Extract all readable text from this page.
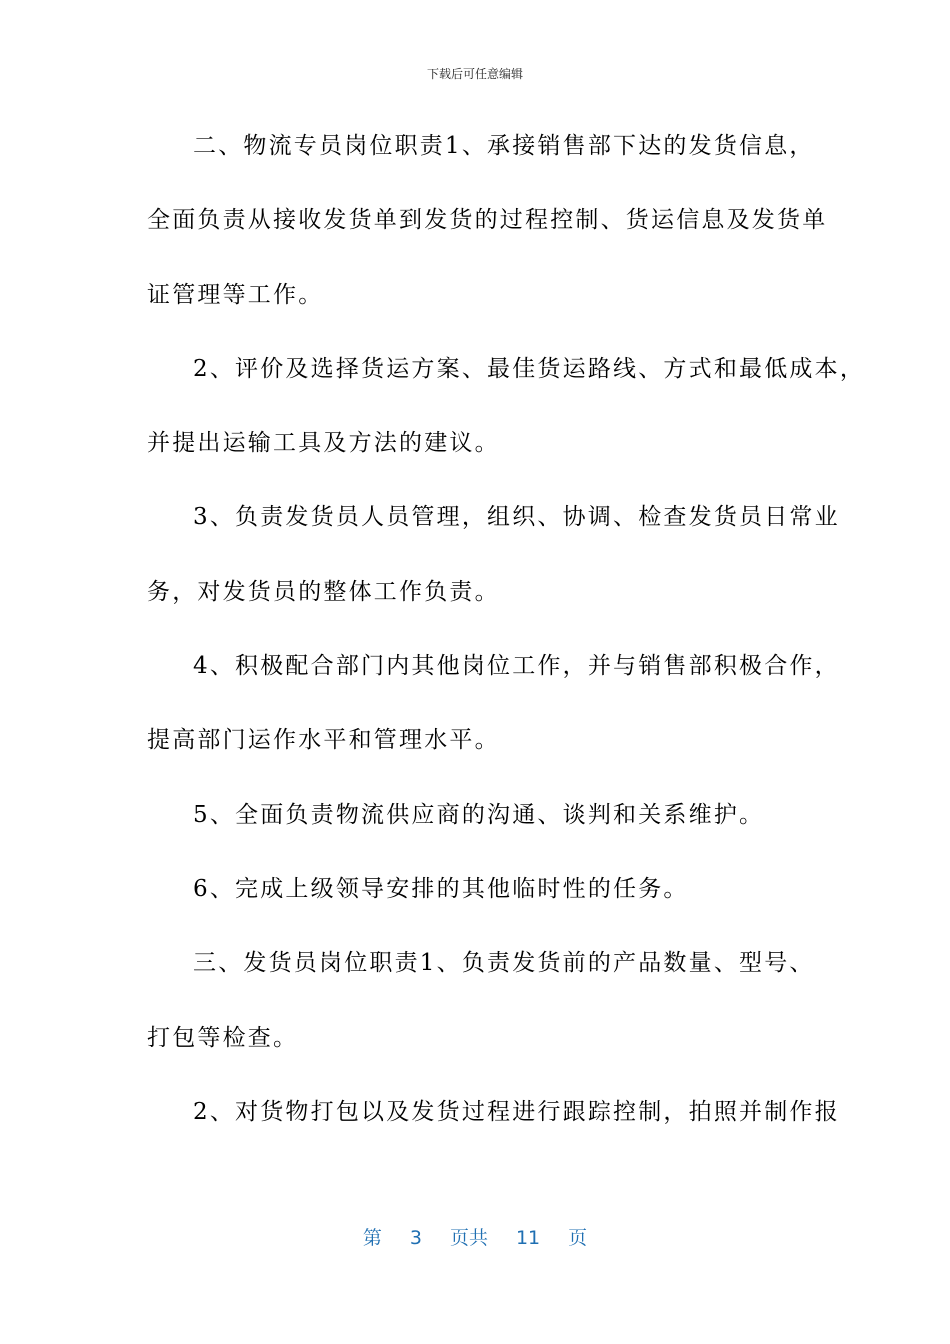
下载后可任意编辑
二、物流专员岗位职责1、承接销售部下达的发货信息，
全面负责从接收发货单到发货的过程控制、货运信息及发货单
证管理等工作。
2、评价及选择货运方案、最佳货运路线、方式和最低成本，
并提出运输工具及方法的建议。
3、负责发货员人员管理，组织、协调、检查发货员日常业
务，对发货员的整体工作负责。
4、积极配合部门内其他岗位工作，并与销售部积极合作，
提高部门运作水平和管理水平。
5、全面负责物流供应商的沟通、谈判和关系维护。
6、完成上级领导安排的其他临时性的任务。
三、发货员岗位职责1、负责发货前的产品数量、型号、
打包等检查。
2、对货物打包以及发货过程进行跟踪控制，拍照并制作报
第 3 页共 11 页
